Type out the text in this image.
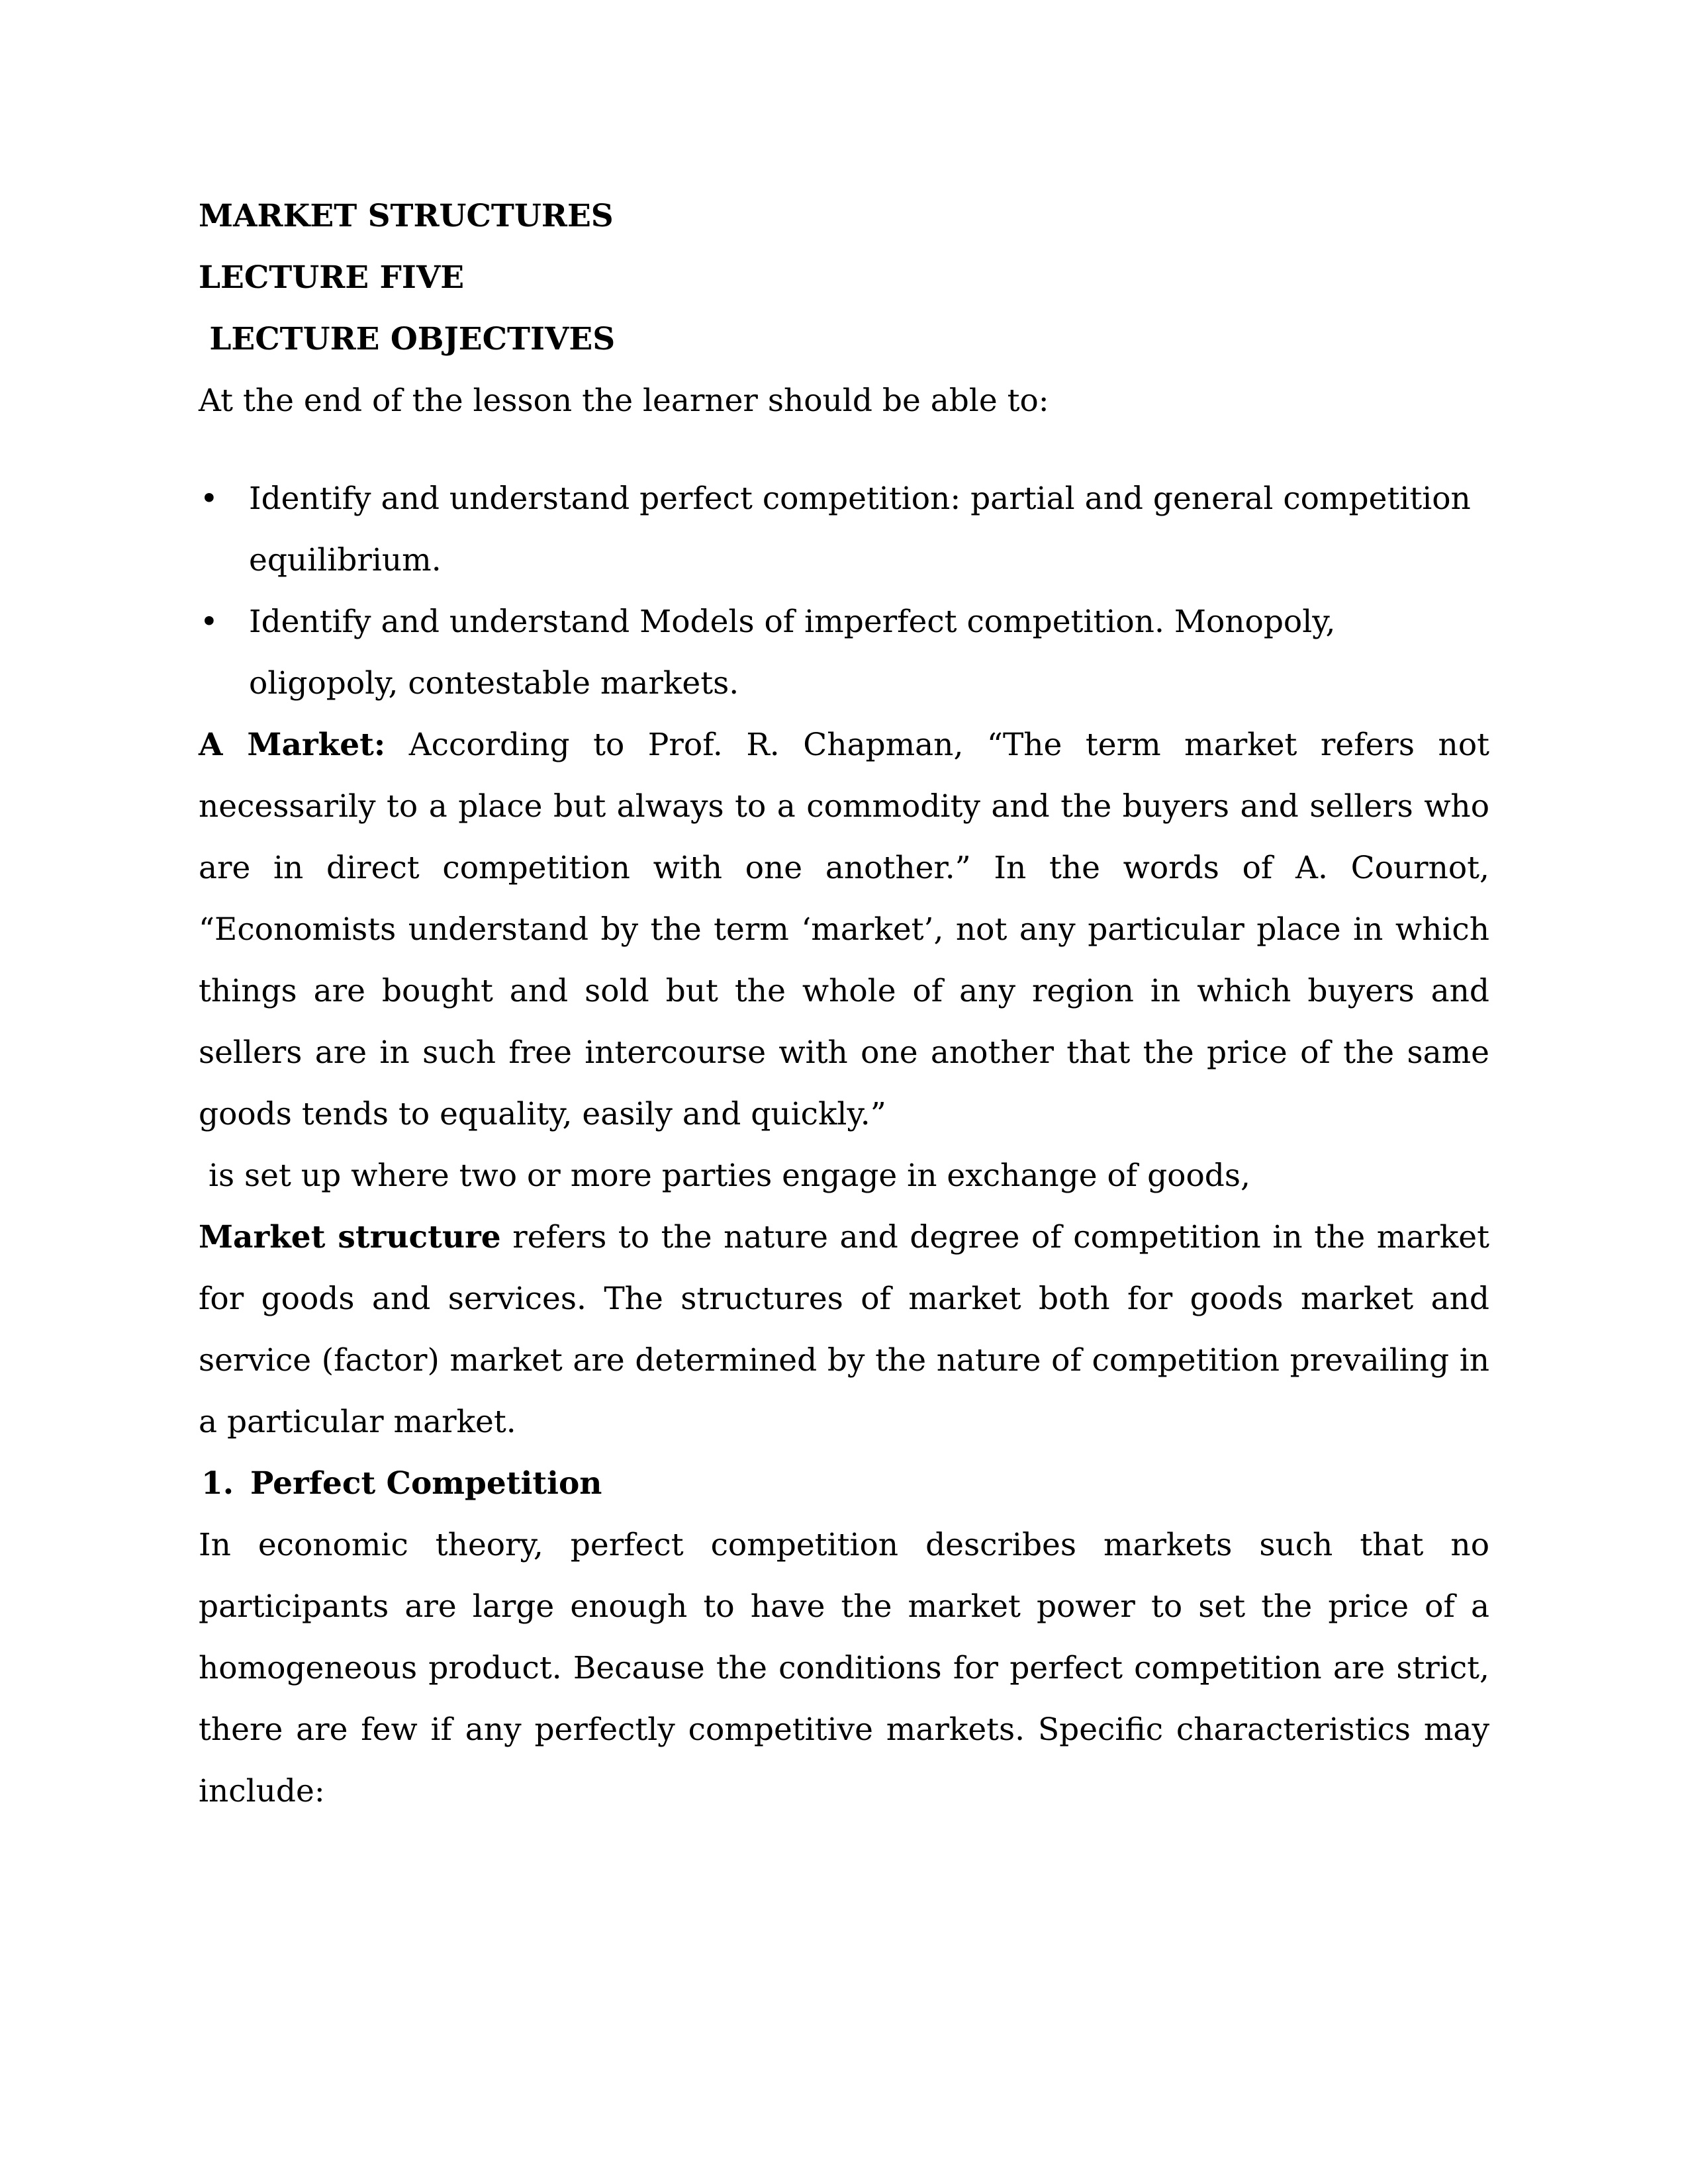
MARKET STRUCTURES

LECTURE FIVE

LECTURE OBJECTIVES

At the end of the lesson the learner should be able to:

• Identify and understand perfect competition: partial and general competition equilibrium.
• Identify and understand Models of imperfect competition. Monopoly, oligopoly, contestable markets.

A Market: According to Prof. R. Chapman, “The term market refers not necessarily to a place but always to a commodity and the buyers and sellers who are in direct competition with one another.” In the words of A. Cournot, “Economists understand by the term ‘market’, not any particular place in which things are bought and sold but the whole of any region in which buyers and sellers are in such free intercourse with one another that the price of the same goods tends to equality, easily and quickly.”

is set up where two or more parties engage in exchange of goods,

Market structure refers to the nature and degree of competition in the market for goods and services. The structures of market both for goods market and service (factor) market are determined by the nature of competition prevailing in a particular market.

1. Perfect Competition

In economic theory, perfect competition describes markets such that no participants are large enough to have the market power to set the price of a homogeneous product. Because the conditions for perfect competition are strict, there are few if any perfectly competitive markets. Specific characteristics may include:
